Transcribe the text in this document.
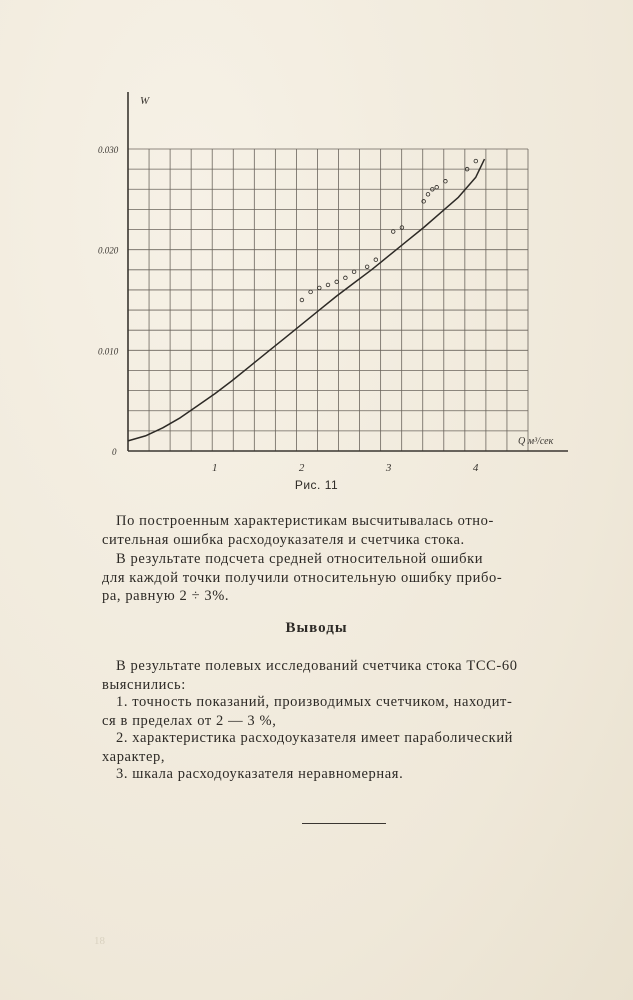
0
0.010
0.020
0.030
1	2	3	4
W
Q м³/сек
Рис. 11

По построенным характеристикам высчитывалась отно-

сительная ошибка расходоуказателя и счетчика стока.

В результате подсчета средней относительной ошибки

для каждой точки получили относительную ошибку прибо-

ра, равную 2 ÷ 3%.

Выводы

В результате полевых исследований счетчика стока ТСС-60

выяснились:

1. точность показаний, производимых счетчиком, находит-

ся в пределах от 2 — 3 %,

2. характеристика расходоуказателя имеет параболический

характер,

3. шкала расходоуказателя неравномерная.

18
